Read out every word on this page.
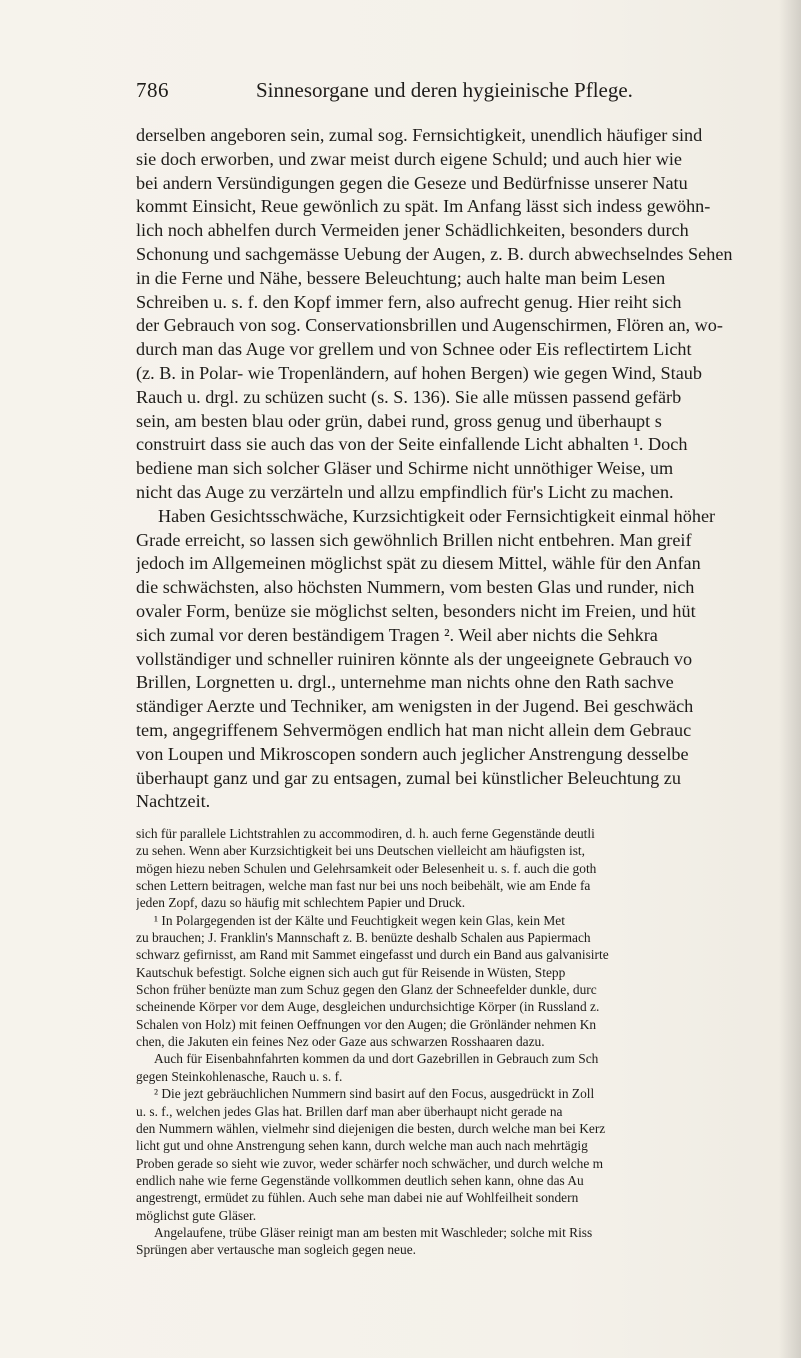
786	Sinnesorgane und deren hygieinische Pflege.
derselben angeboren sein, zumal sog. Fernsichtigkeit, unendlich häufiger sind
sie doch erworben, und zwar meist durch eigene Schuld; und auch hier wie
bei andern Versündigungen gegen die Geseze und Bedürfnisse unserer Natu
kommt Einsicht, Reue gewönlich zu spät. Im Anfang lässt sich indess gewöhn-
lich noch abhelfen durch Vermeiden jener Schädlichkeiten, besonders durch
Schonung und sachgemässe Uebung der Augen, z. B. durch abwechselndes Sehen
in die Ferne und Nähe, bessere Beleuchtung; auch halte man beim Lesen
Schreiben u. s. f. den Kopf immer fern, also aufrecht genug. Hier reiht sich
der Gebrauch von sog. Conservationsbrillen und Augenschirmen, Flören an, wo-
durch man das Auge vor grellem und von Schnee oder Eis reflectirtem Licht
(z. B. in Polar- wie Tropenländern, auf hohen Bergen) wie gegen Wind, Staub
Rauch u. drgl. zu schüzen sucht (s. S. 136). Sie alle müssen passend gefärb
sein, am besten blau oder grün, dabei rund, gross genug und überhaupt s
construirt dass sie auch das von der Seite einfallende Licht abhalten ¹. Doch
bediene man sich solcher Gläser und Schirme nicht unnöthiger Weise, um
nicht das Auge zu verzärteln und allzu empfindlich für's Licht zu machen.
Haben Gesichtsschwäche, Kurzsichtigkeit oder Fernsichtigkeit einmal höher
Grade erreicht, so lassen sich gewöhnlich Brillen nicht entbehren. Man greif
jedoch im Allgemeinen möglichst spät zu diesem Mittel, wähle für den Anfan
die schwächsten, also höchsten Nummern, vom besten Glas und runder, nich
ovaler Form, benüze sie möglichst selten, besonders nicht im Freien, und hüt
sich zumal vor deren beständigem Tragen ². Weil aber nichts die Sehkra
vollständiger und schneller ruiniren könnte als der ungeeignete Gebrauch vo
Brillen, Lorgnetten u. drgl., unternehme man nichts ohne den Rath sachve
ständiger Aerzte und Techniker, am wenigsten in der Jugend. Bei geschwäch
tem, angegriffenem Sehvermögen endlich hat man nicht allein dem Gebrauc
von Loupen und Mikroscopen sondern auch jeglicher Anstrengung desselbe
überhaupt ganz und gar zu entsagen, zumal bei künstlicher Beleuchtung zu
Nachtzeit.
sich für parallele Lichtstrahlen zu accommodiren, d. h. auch ferne Gegenstände deutli
zu sehen. Wenn aber Kurzsichtigkeit bei uns Deutschen vielleicht am häufigsten ist,
mögen hiezu neben Schulen und Gelehrsamkeit oder Belesenheit u. s. f. auch die goth
schen Lettern beitragen, welche man fast nur bei uns noch beibehält, wie am Ende fa
jeden Zopf, dazu so häufig mit schlechtem Papier und Druck.
¹ In Polargegenden ist der Kälte und Feuchtigkeit wegen kein Glas, kein Met
zu brauchen; J. Franklin's Mannschaft z. B. benüzte deshalb Schalen aus Papiermach
schwarz gefirnisst, am Rand mit Sammet eingefasst und durch ein Band aus galvanisirte
Kautschuk befestigt. Solche eignen sich auch gut für Reisende in Wüsten, Stepp
Schon früher benüzte man zum Schuz gegen den Glanz der Schneefelder dunkle, durc
scheinende Körper vor dem Auge, desgleichen undurchsichtige Körper (in Russland z.
Schalen von Holz) mit feinen Oeffnungen vor den Augen; die Grönländer nehmen Kn
chen, die Jakuten ein feines Nez oder Gaze aus schwarzen Rosshaaren dazu.
Auch für Eisenbahnfahrten kommen da und dort Gazebrillen in Gebrauch zum Sch
gegen Steinkohlenasche, Rauch u. s. f.
² Die jezt gebräuchlichen Nummern sind basirt auf den Focus, ausgedrückt in Zoll
u. s. f., welchen jedes Glas hat. Brillen darf man aber überhaupt nicht gerade na
den Nummern wählen, vielmehr sind diejenigen die besten, durch welche man bei Kerz
licht gut und ohne Anstrengung sehen kann, durch welche man auch nach mehrtägig
Proben gerade so sieht wie zuvor, weder schärfer noch schwächer, und durch welche m
endlich nahe wie ferne Gegenstände vollkommen deutlich sehen kann, ohne das Au
angestrengt, ermüdet zu fühlen. Auch sehe man dabei nie auf Wohlfeilheit sondern
möglichst gute Gläser.
Angelaufene, trübe Gläser reinigt man am besten mit Waschleder; solche mit Riss
Sprüngen aber vertausche man sogleich gegen neue.
